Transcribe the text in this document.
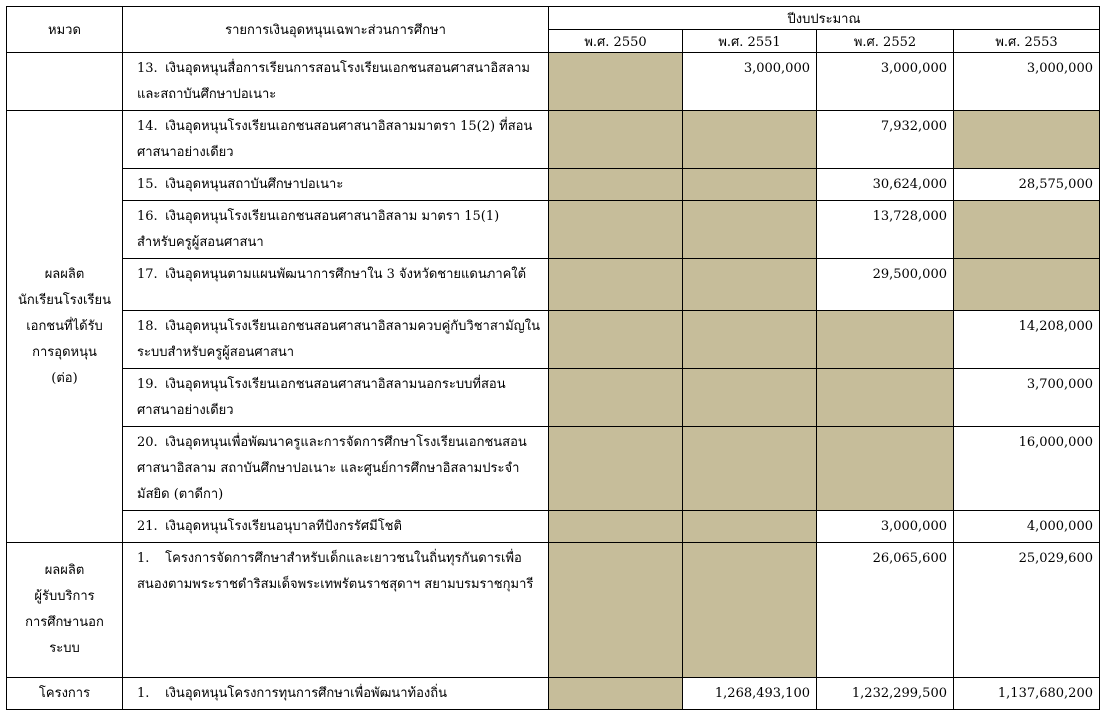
หมวด	รายการเงินอุดหนุนเฉพาะส่วนการศึกษา	ปีงบประมาณ			
		พ.ศ. 2550	พ.ศ. 2551	พ.ศ. 2552	พ.ศ. 2553
	13. เงินอุดหนุนสื่อการเรียนการสอนโรงเรียนเอกชนสอนศาสนาอิสลามและสถาบันศึกษาปอเนาะ		3,000,000	3,000,000	3,000,000
ผลผลิต
นักเรียนโรงเรียน
เอกชนที่ได้รับ
การอุดหนุน
(ต่อ)	14. เงินอุดหนุนโรงเรียนเอกชนสอนศาสนาอิสลามมาตรา 15(2) ที่สอนศาสนาอย่างเดียว			7,932,000	
	15. เงินอุดหนุนสถาบันศึกษาปอเนาะ			30,624,000	28,575,000
	16. เงินอุดหนุนโรงเรียนเอกชนสอนศาสนาอิสลาม มาตรา 15(1) สำหรับครูผู้สอนศาสนา			13,728,000	
	17. เงินอุดหนุนตามแผนพัฒนาการศึกษาใน 3 จังหวัดชายแดนภาคใต้			29,500,000	
	18. เงินอุดหนุนโรงเรียนเอกชนสอนศาสนาอิสลามควบคู่กับวิชาสามัญในระบบสำหรับครูผู้สอนศาสนา				14,208,000
	19. เงินอุดหนุนโรงเรียนเอกชนสอนศาสนาอิสลามนอกระบบที่สอนศาสนาอย่างเดียว				3,700,000
	20. เงินอุดหนุนเพื่อพัฒนาครูและการจัดการศึกษาโรงเรียนเอกชนสอนศาสนาอิสลาม สถาบันศึกษาปอเนาะ และศูนย์การศึกษาอิสลามประจำมัสยิด (ตาดีกา)				16,000,000
	21. เงินอุดหนุนโรงเรียนอนุบาลทีปังกรรัศมีโชติ			3,000,000	4,000,000
ผลผลิต
ผู้รับบริการ
การศึกษานอก
ระบบ	1. โครงการจัดการศึกษาสำหรับเด็กและเยาวชนในถิ่นทุรกันดารเพื่อสนองตามพระราชดำริสมเด็จพระเทพรัตนราชสุดาฯ สยามบรมราชกุมารี			26,065,600	25,029,600
โครงการ	1. เงินอุดหนุนโครงการทุนการศึกษาเพื่อพัฒนาท้องถิ่น		1,268,493,100	1,232,299,500	1,137,680,200
